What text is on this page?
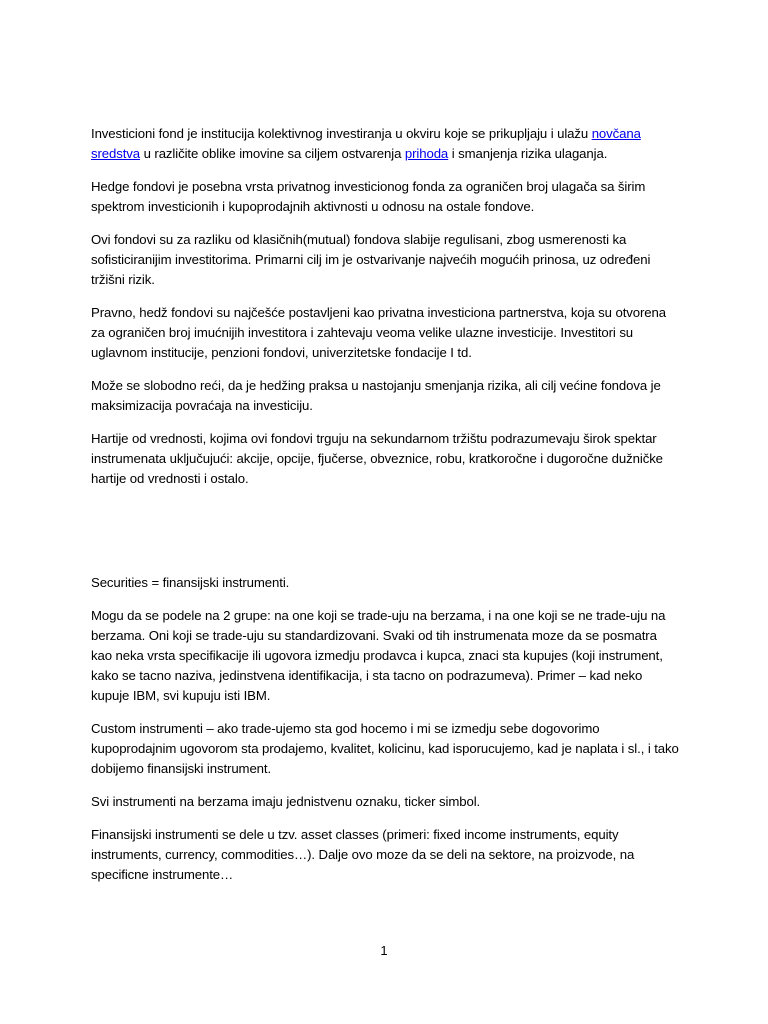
Investicioni fond je institucija kolektivnog investiranja u okviru koje se prikupljaju i ulažu novčana sredstva u različite oblike imovine sa ciljem ostvarenja prihoda i smanjenja rizika ulaganja.

Hedge fondovi je posebna vrsta privatnog investicionog fonda za ograničen broj ulagača sa širim spektrom investicionih i kupoprodajnih aktivnosti u odnosu na ostale fondove.

Ovi fondovi su za razliku od klasičnih(mutual) fondova slabije regulisani, zbog usmerenosti ka sofisticiranijim investitorima. Primarni cilj im je ostvarivanje najvećih mogućih prinosa, uz određeni tržišni rizik.

Pravno, hedž fondovi su najčešće postavljeni kao privatna investiciona partnerstva, koja su otvorena za ograničen broj imućnijih investitora i zahtevaju veoma velike ulazne investicije. Investitori su uglavnom institucije, penzioni fondovi, univerzitetske fondacije I td.

Može se slobodno reći, da je hedžing praksa u nastojanju smenjanja rizika, ali cilj većine fondova je maksimizacija povraćaja na investiciju.

Hartije od vrednosti, kojima ovi fondovi trguju na sekundarnom tržištu podrazumevaju širok spektar instrumenata uključujući: akcije, opcije, fjučerse, obveznice, robu, kratkoročne i dugoročne dužničke hartije od vrednosti i ostalo.

Securities = finansijski instrumenti.

Mogu da se podele na 2 grupe: na one koji se trade-uju na berzama, i na one koji se ne trade-uju na berzama. Oni koji se trade-uju su standardizovani. Svaki od tih instrumenata moze da se posmatra kao neka vrsta specifikacije ili ugovora izmedju prodavca i kupca, znaci sta kupujes (koji instrument, kako se tacno naziva, jedinstvena identifikacija, i sta tacno on podrazumeva). Primer – kad neko kupuje IBM, svi kupuju isti IBM.

Custom instrumenti – ako trade-ujemo sta god hocemo i mi se izmedju sebe dogovorimo kupoprodajnim ugovorom sta prodajemo, kvalitet, kolicinu, kad isporucujemo, kad je naplata i sl., i tako dobijemo finansijski instrument.

Svi instrumenti na berzama imaju jednistvenu oznaku, ticker simbol.

Finansijski instrumenti se dele u tzv. asset classes (primeri: fixed income instruments, equity instruments, currency, commodities…). Dalje ovo moze da se deli na sektore, na proizvode, na specificne instrumente…

1
